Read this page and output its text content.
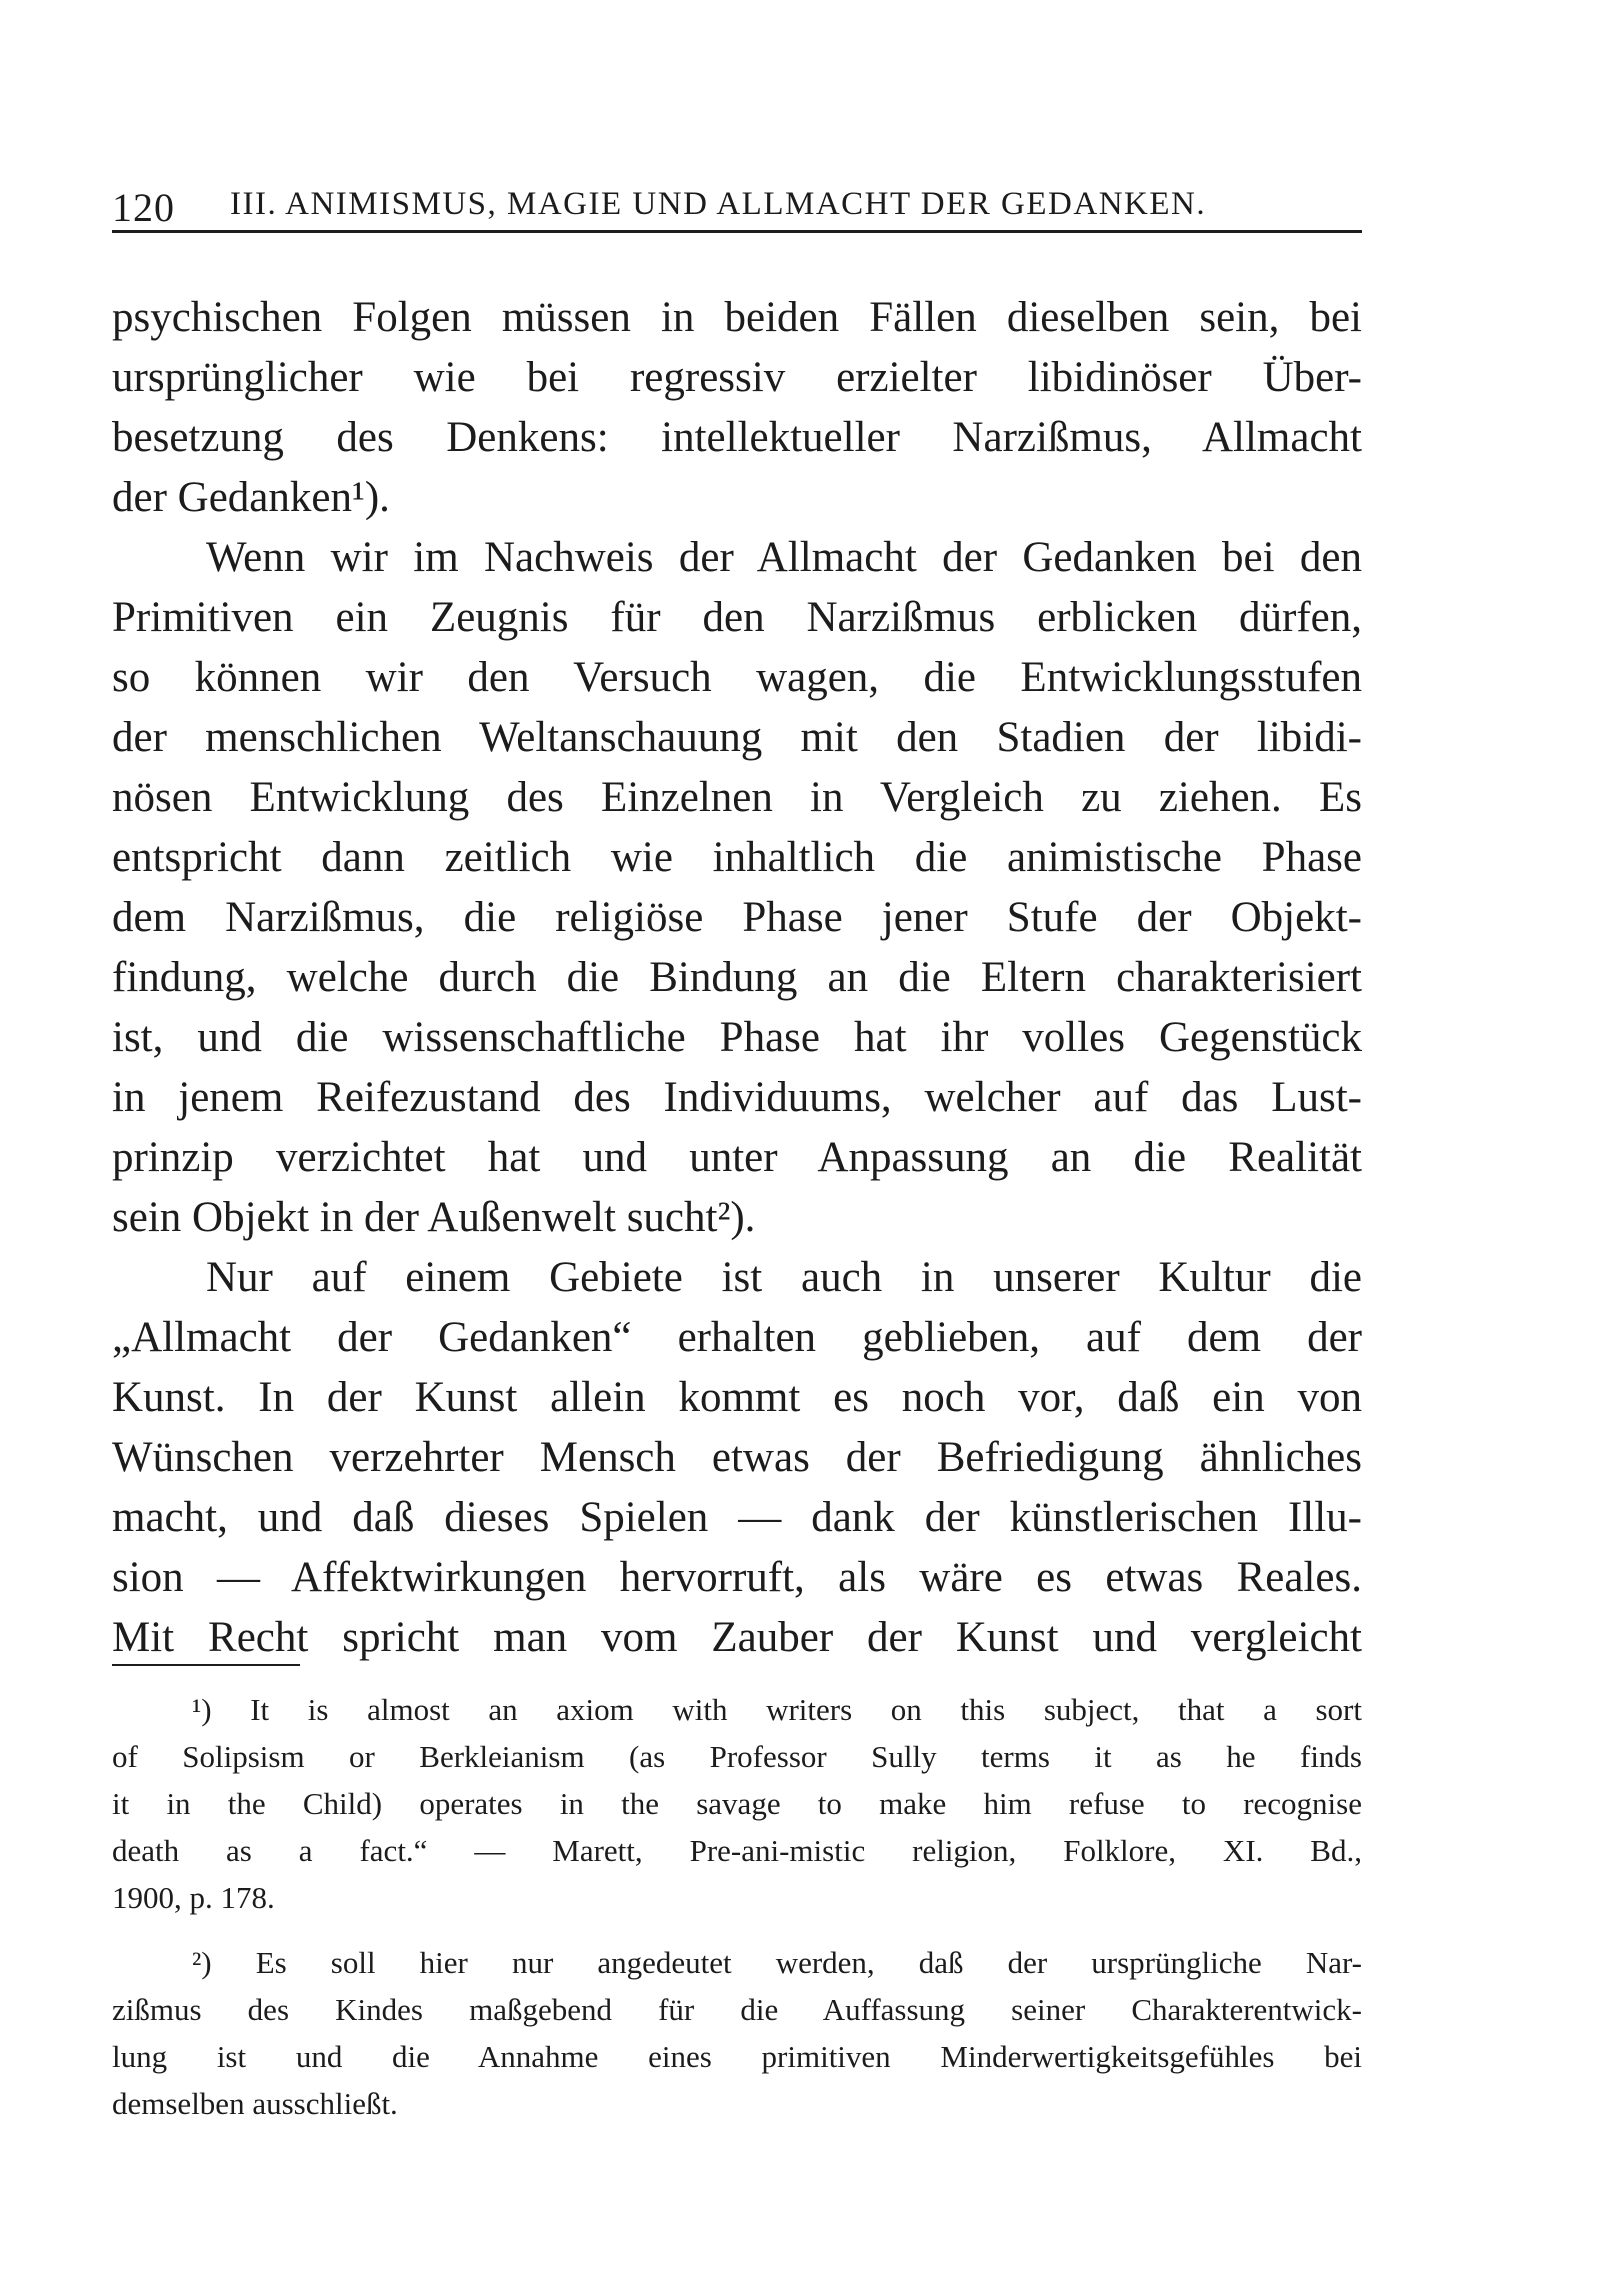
120 III. ANIMISMUS, MAGIE UND ALLMACHT DER GEDANKEN.
psychischen Folgen müssen in beiden Fällen dieselben sein, bei
ursprünglicher wie bei regressiv erzielter libidinöser Über-
besetzung des Denkens: intellektueller Narzißmus, Allmacht
der Gedanken¹).
Wenn wir im Nachweis der Allmacht der Gedanken bei den
Primitiven ein Zeugnis für den Narzißmus erblicken dürfen,
so können wir den Versuch wagen, die Entwicklungsstufen
der menschlichen Weltanschauung mit den Stadien der libidi-
nösen Entwicklung des Einzelnen in Vergleich zu ziehen. Es
entspricht dann zeitlich wie inhaltlich die animistische Phase
dem Narzißmus, die religiöse Phase jener Stufe der Objekt-
findung, welche durch die Bindung an die Eltern charakterisiert
ist, und die wissenschaftliche Phase hat ihr volles Gegenstück
in jenem Reifezustand des Individuums, welcher auf das Lust-
prinzip verzichtet hat und unter Anpassung an die Realität
sein Objekt in der Außenwelt sucht²).
Nur auf einem Gebiete ist auch in unserer Kultur die
„Allmacht der Gedanken“ erhalten geblieben, auf dem der
Kunst. In der Kunst allein kommt es noch vor, daß ein von
Wünschen verzehrter Mensch etwas der Befriedigung ähnliches
macht, und daß dieses Spielen — dank der künstlerischen Illu-
sion — Affektwirkungen hervorruft, als wäre es etwas Reales.
Mit Recht spricht man vom Zauber der Kunst und vergleicht
¹) It is almost an axiom with writers on this subject, that a sort
of Solipsism or Berkleianism (as Professor Sully terms it as he finds
it in the Child) operates in the savage to make him refuse to recognise
death as a fact.“ — Marett, Pre-ani-mistic religion, Folklore, XI. Bd.,
1900, p. 178.
²) Es soll hier nur angedeutet werden, daß der ursprüngliche Nar-
zißmus des Kindes maßgebend für die Auffassung seiner Charakterentwick-
lung ist und die Annahme eines primitiven Minderwertigkeitsgefühles bei
demselben ausschließt.
